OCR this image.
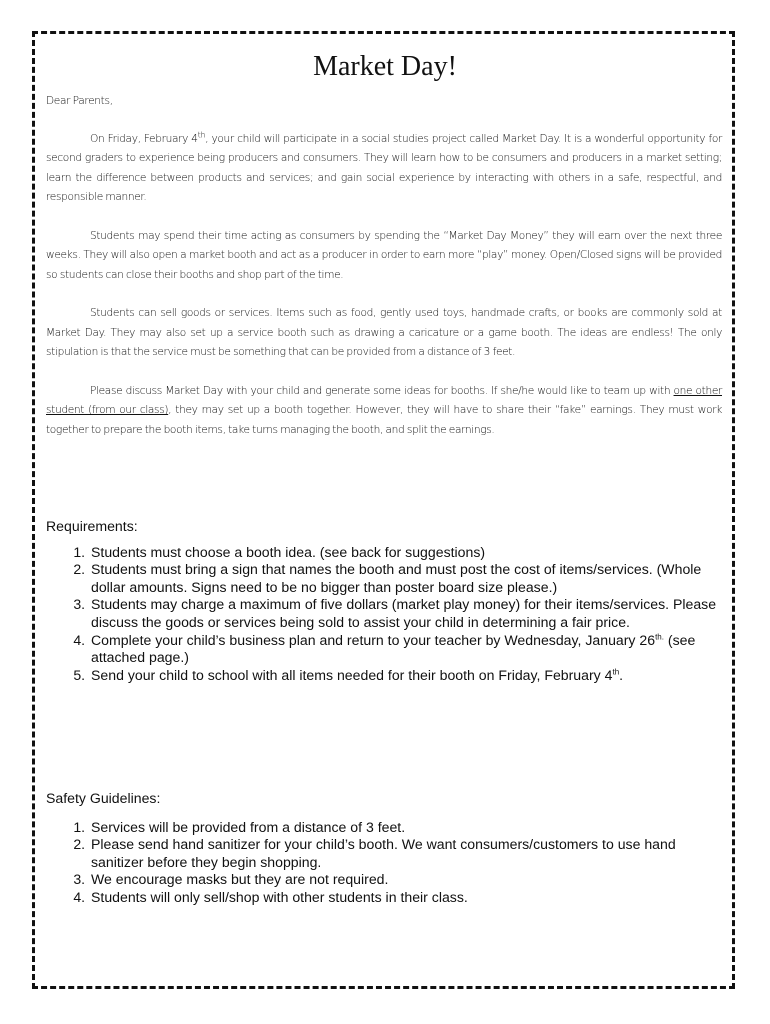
Market Day!

Dear Parents,

On Friday, February 4th, your child will participate in a social studies project called Market Day. It is a wonderful opportunity for second graders to experience being producers and consumers. They will learn how to be consumers and producers in a market setting; learn the difference between products and services; and gain social experience by interacting with others in a safe, respectful, and responsible manner.

Students may spend their time acting as consumers by spending the “Market Day Money” they will earn over the next three weeks. They will also open a market booth and act as a producer in order to earn more “play” money. Open/Closed signs will be provided so students can close their booths and shop part of the time.

Students can sell goods or services. Items such as food, gently used toys, handmade crafts, or books are commonly sold at Market Day. They may also set up a service booth such as drawing a caricature or a game booth. The ideas are endless! The only stipulation is that the service must be something that can be provided from a distance of 3 feet.

Please discuss Market Day with your child and generate some ideas for booths. If she/he would like to team up with one other student (from our class), they may set up a booth together. However, they will have to share their “fake” earnings. They must work together to prepare the booth items, take turns managing the booth, and split the earnings.

Requirements:
1. Students must choose a booth idea. (see back for suggestions)
2. Students must bring a sign that names the booth and must post the cost of items/services. (Whole dollar amounts. Signs need to be no bigger than poster board size please.)
3. Students may charge a maximum of five dollars (market play money) for their items/services. Please discuss the goods or services being sold to assist your child in determining a fair price.
4. Complete your child’s business plan and return to your teacher by Wednesday, January $26^{th.}$ (see attached page.)
5. Send your child to school with all items needed for their booth on Friday, February 4th.
Safety Guidelines:
1. Services will be provided from a distance of 3 feet.
2. Please send hand sanitizer for your child’s booth. We want consumers/customers to use hand sanitizer before they begin shopping.
3. We encourage masks but they are not required.
4. Students will only sell/shop with other students in their class.
